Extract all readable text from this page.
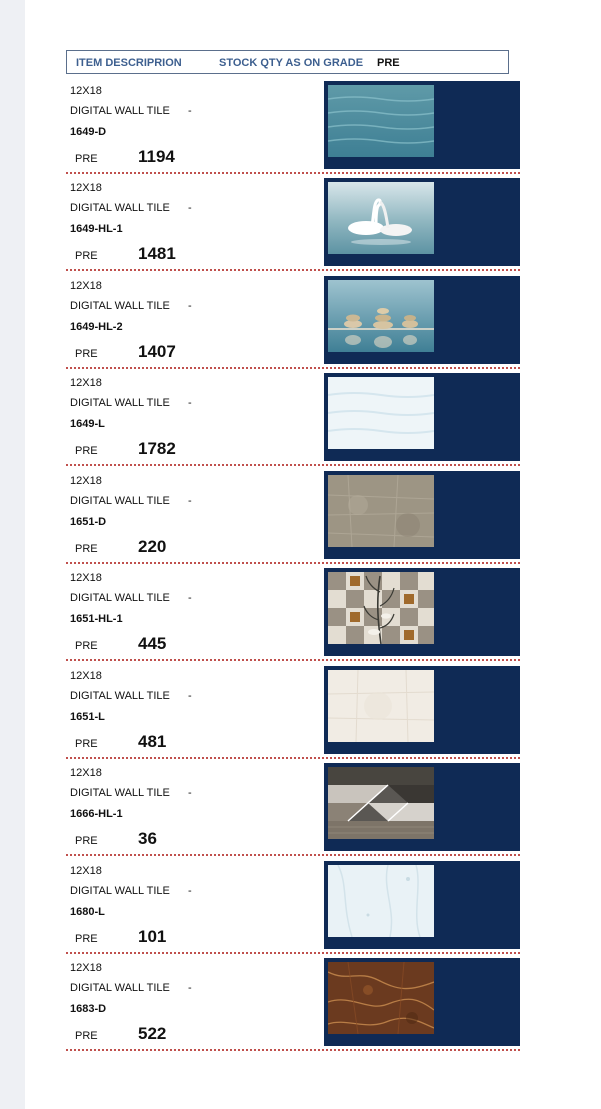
ITEM DESCRIPRION	STOCK QTY AS ON GRADE PRE
12X18
DIGITAL WALL TILE -
1649-D
PRE 1194
12X18
DIGITAL WALL TILE -
1649-HL-1
PRE 1481
12X18
DIGITAL WALL TILE -
1649-HL-2
PRE 1407
12X18
DIGITAL WALL TILE -
1649-L
PRE 1782
12X18
DIGITAL WALL TILE -
1651-D
PRE 220
12X18
DIGITAL WALL TILE -
1651-HL-1
PRE 445
12X18
DIGITAL WALL TILE -
1651-L
PRE 481
12X18
DIGITAL WALL TILE -
1666-HL-1
PRE 36
12X18
DIGITAL WALL TILE -
1680-L
PRE 101
12X18
DIGITAL WALL TILE -
1683-D
PRE 522
